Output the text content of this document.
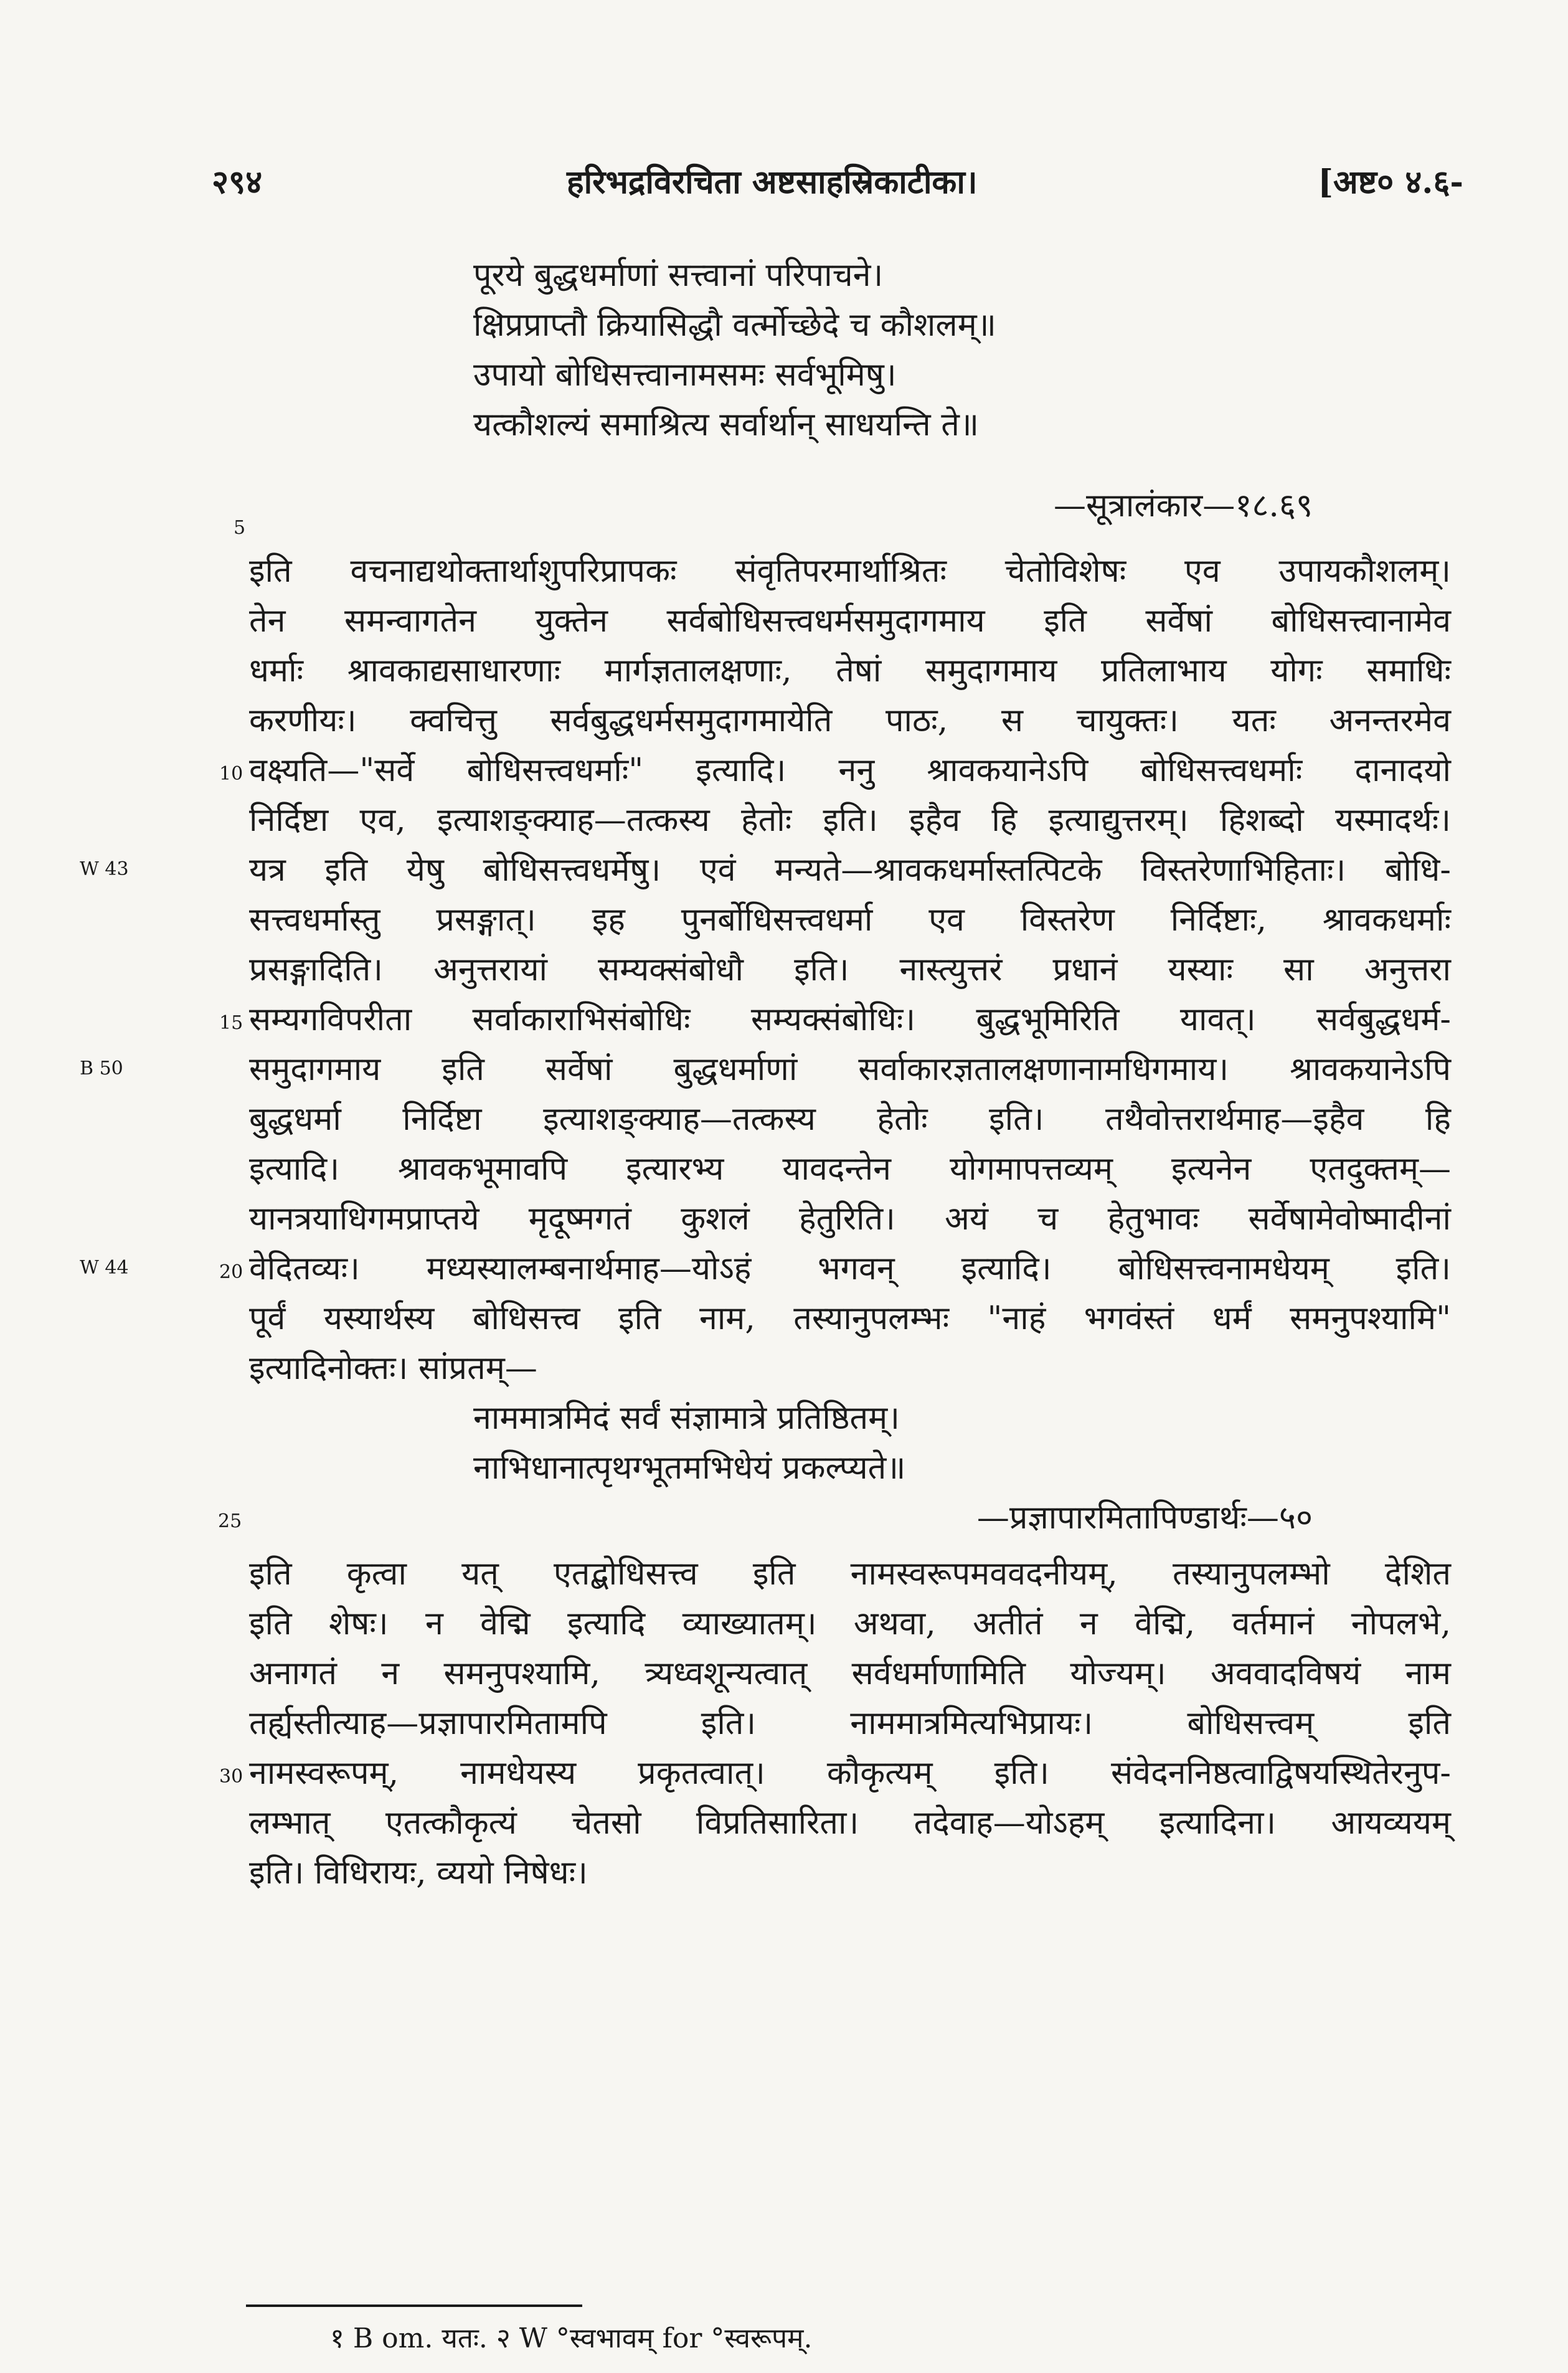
२९४	हरिभद्रविरचिता अष्टसाहस्रिकाटीका।	[अष्ट० ४.६-
पूरये बुद्धधर्माणां सत्त्वानां परिपाचने।
क्षिप्रप्राप्तौ क्रियासिद्धौ वर्त्मोच्छेदे च कौशलम्॥
उपायो बोधिसत्त्वानामसमः सर्वभूमिषु।
यत्कौशल्यं समाश्रित्य सर्वार्थान् साधयन्ति ते॥
5
—सूत्रालंकार—१८.६९
इति वचनाद्यथोक्तार्थाशुपरिप्रापकः संवृतिपरमार्थाश्रितः चेतोविशेषः एव उपायकौशलम्।
तेन समन्वागतेन युक्तेन सर्वबोधिसत्त्वधर्मसमुदागमाय इति सर्वेषां बोधिसत्त्वानामेव
धर्माः श्रावकाद्यसाधारणाः मार्गज्ञतालक्षणाः, तेषां समुदागमाय प्रतिलाभाय योगः समाधिः
करणीयः। क्वचित्तु सर्वबुद्धधर्मसमुदागमायेति पाठः, स चायुक्तः। यतः अनन्तरमेव
10 वक्ष्यति—"सर्वे बोधिसत्त्वधर्माः" इत्यादि। ननु श्रावकयानेऽपि बोधिसत्त्वधर्माः दानादयो
निर्दिष्टा एव, इत्याशङ्क्याह—तत्कस्य हेतोः इति। इहैव हि इत्याद्युत्तरम्। हिशब्दो यस्मादर्थः।
W 43	यत्र इति येषु बोधिसत्त्वधर्मेषु। एवं मन्यते—श्रावकधर्मास्तत्पिटके विस्तरेणाभिहिताः। बोधि-
सत्त्वधर्मास्तु प्रसङ्गात्। इह पुनर्बोधिसत्त्वधर्मा एव विस्तरेण निर्दिष्टाः, श्रावकधर्माः
प्रसङ्गादिति। अनुत्तरायां सम्यक्संबोधौ इति। नास्त्युत्तरं प्रधानं यस्याः सा अनुत्तरा
15 सम्यगविपरीता सर्वाकाराभिसंबोधिः सम्यक्संबोधिः। बुद्धभूमिरिति यावत्। सर्वबुद्धधर्म-
B 50	समुदागमाय इति सर्वेषां बुद्धधर्माणां सर्वाकारज्ञतालक्षणानामधिगमाय। श्रावकयानेऽपि
बुद्धधर्मा निर्दिष्टा इत्याशङ्क्याह—तत्कस्य हेतोः इति। तथैवोत्तरार्थमाह—इहैव हि
इत्यादि। श्रावकभूमावपि इत्यारभ्य यावदन्तेन योगमापत्तव्यम् इत्यनेन एतदुक्तम्—
यानत्रयाधिगमप्राप्तये मृदूष्मगतं कुशलं हेतुरिति। अयं च हेतुभावः सर्वेषामेवोष्मादीनां
W 44	20 वेदितव्यः। मध्यस्यालम्बनार्थमाह—योऽहं भगवन् इत्यादि। बोधिसत्त्वनामधेयम् इति।
पूर्वं यस्यार्थस्य बोधिसत्त्व इति नाम, तस्यानुपलम्भः "नाहं भगवंस्तं धर्मं समनुपश्यामि"
इत्यादिनोक्तः। सांप्रतम्—
नाममात्रमिदं सर्वं संज्ञामात्रे प्रतिष्ठितम्।
नाभिधानात्पृथग्भूतमभिधेयं प्रकल्प्यते॥
25	—प्रज्ञापारमितापिण्डार्थः—५०
इति कृत्वा यत् एतद्बोधिसत्त्व इति नामस्वरूपमववदनीयम्, तस्यानुपलम्भो देशित
इति शेषः। न वेद्मि इत्यादि व्याख्यातम्। अथवा, अतीतं न वेद्मि, वर्तमानं नोपलभे,
अनागतं न समनुपश्यामि, त्र्यध्वशून्यत्वात् सर्वधर्माणामिति योज्यम्। अववादविषयं नाम
तर्ह्यस्तीत्याह—प्रज्ञापारमितामपि इति। नाममात्रमित्यभिप्रायः। बोधिसत्त्वम् इति
30 नामस्वरूपम्, नामधेयस्य प्रकृतत्वात्। कौकृत्यम् इति। संवेदननिष्ठत्वाद्विषयस्थितेरनुप-
लम्भात् एतत्कौकृत्यं चेतसो विप्रतिसारिता। तदेवाह—योऽहम् इत्यादिना। आयव्ययम्
इति। विधिरायः, व्ययो निषेधः।
१ B om. यतः. २ W °स्वभावम् for °स्वरूपम्.
